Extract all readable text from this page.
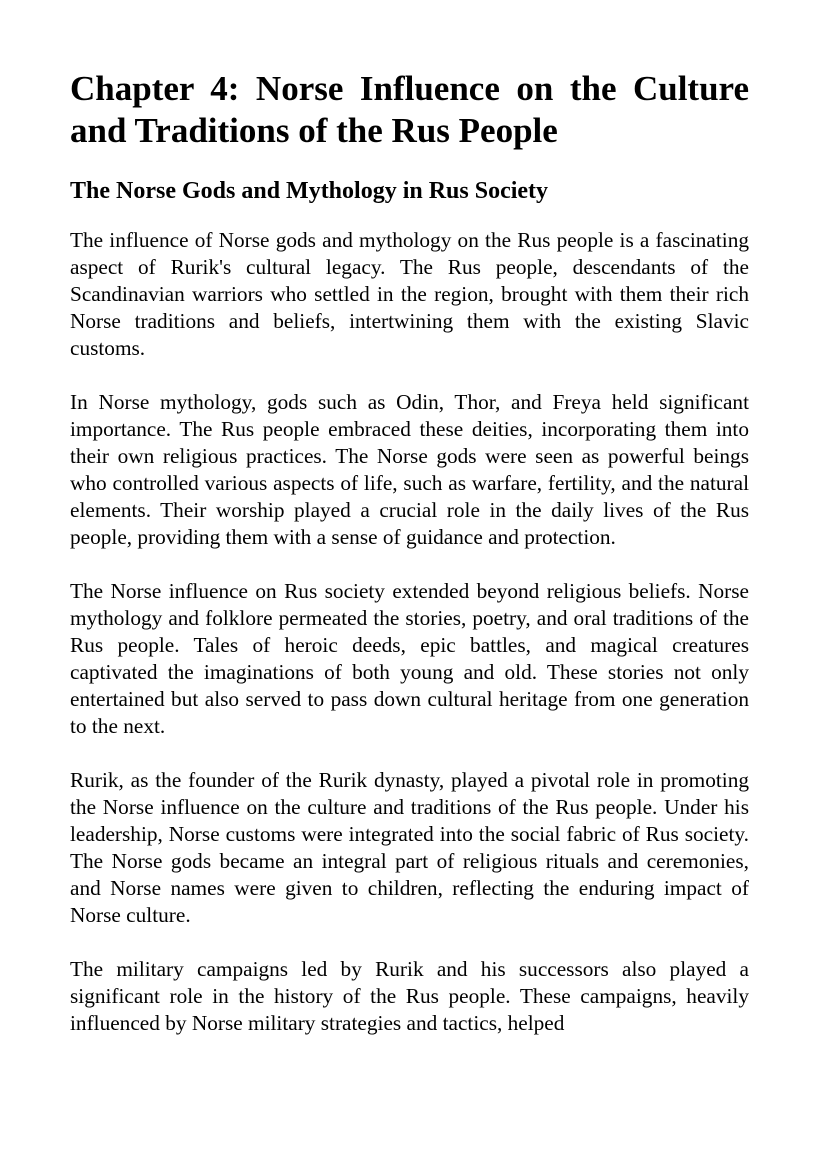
Chapter 4: Norse Influence on the Culture and Traditions of the Rus People
The Norse Gods and Mythology in Rus Society

The influence of Norse gods and mythology on the Rus people is a fascinating aspect of Rurik's cultural legacy. The Rus people, descendants of the Scandinavian warriors who settled in the region, brought with them their rich Norse traditions and beliefs, intertwining them with the existing Slavic customs.

In Norse mythology, gods such as Odin, Thor, and Freya held significant importance. The Rus people embraced these deities, incorporating them into their own religious practices. The Norse gods were seen as powerful beings who controlled various aspects of life, such as warfare, fertility, and the natural elements. Their worship played a crucial role in the daily lives of the Rus people, providing them with a sense of guidance and protection.

The Norse influence on Rus society extended beyond religious beliefs. Norse mythology and folklore permeated the stories, poetry, and oral traditions of the Rus people. Tales of heroic deeds, epic battles, and magical creatures captivated the imaginations of both young and old. These stories not only entertained but also served to pass down cultural heritage from one generation to the next.

Rurik, as the founder of the Rurik dynasty, played a pivotal role in promoting the Norse influence on the culture and traditions of the Rus people. Under his leadership, Norse customs were integrated into the social fabric of Rus society. The Norse gods became an integral part of religious rituals and ceremonies, and Norse names were given to children, reflecting the enduring impact of Norse culture.

The military campaigns led by Rurik and his successors also played a significant role in the history of the Rus people. These campaigns, heavily influenced by Norse military strategies and tactics, helped
